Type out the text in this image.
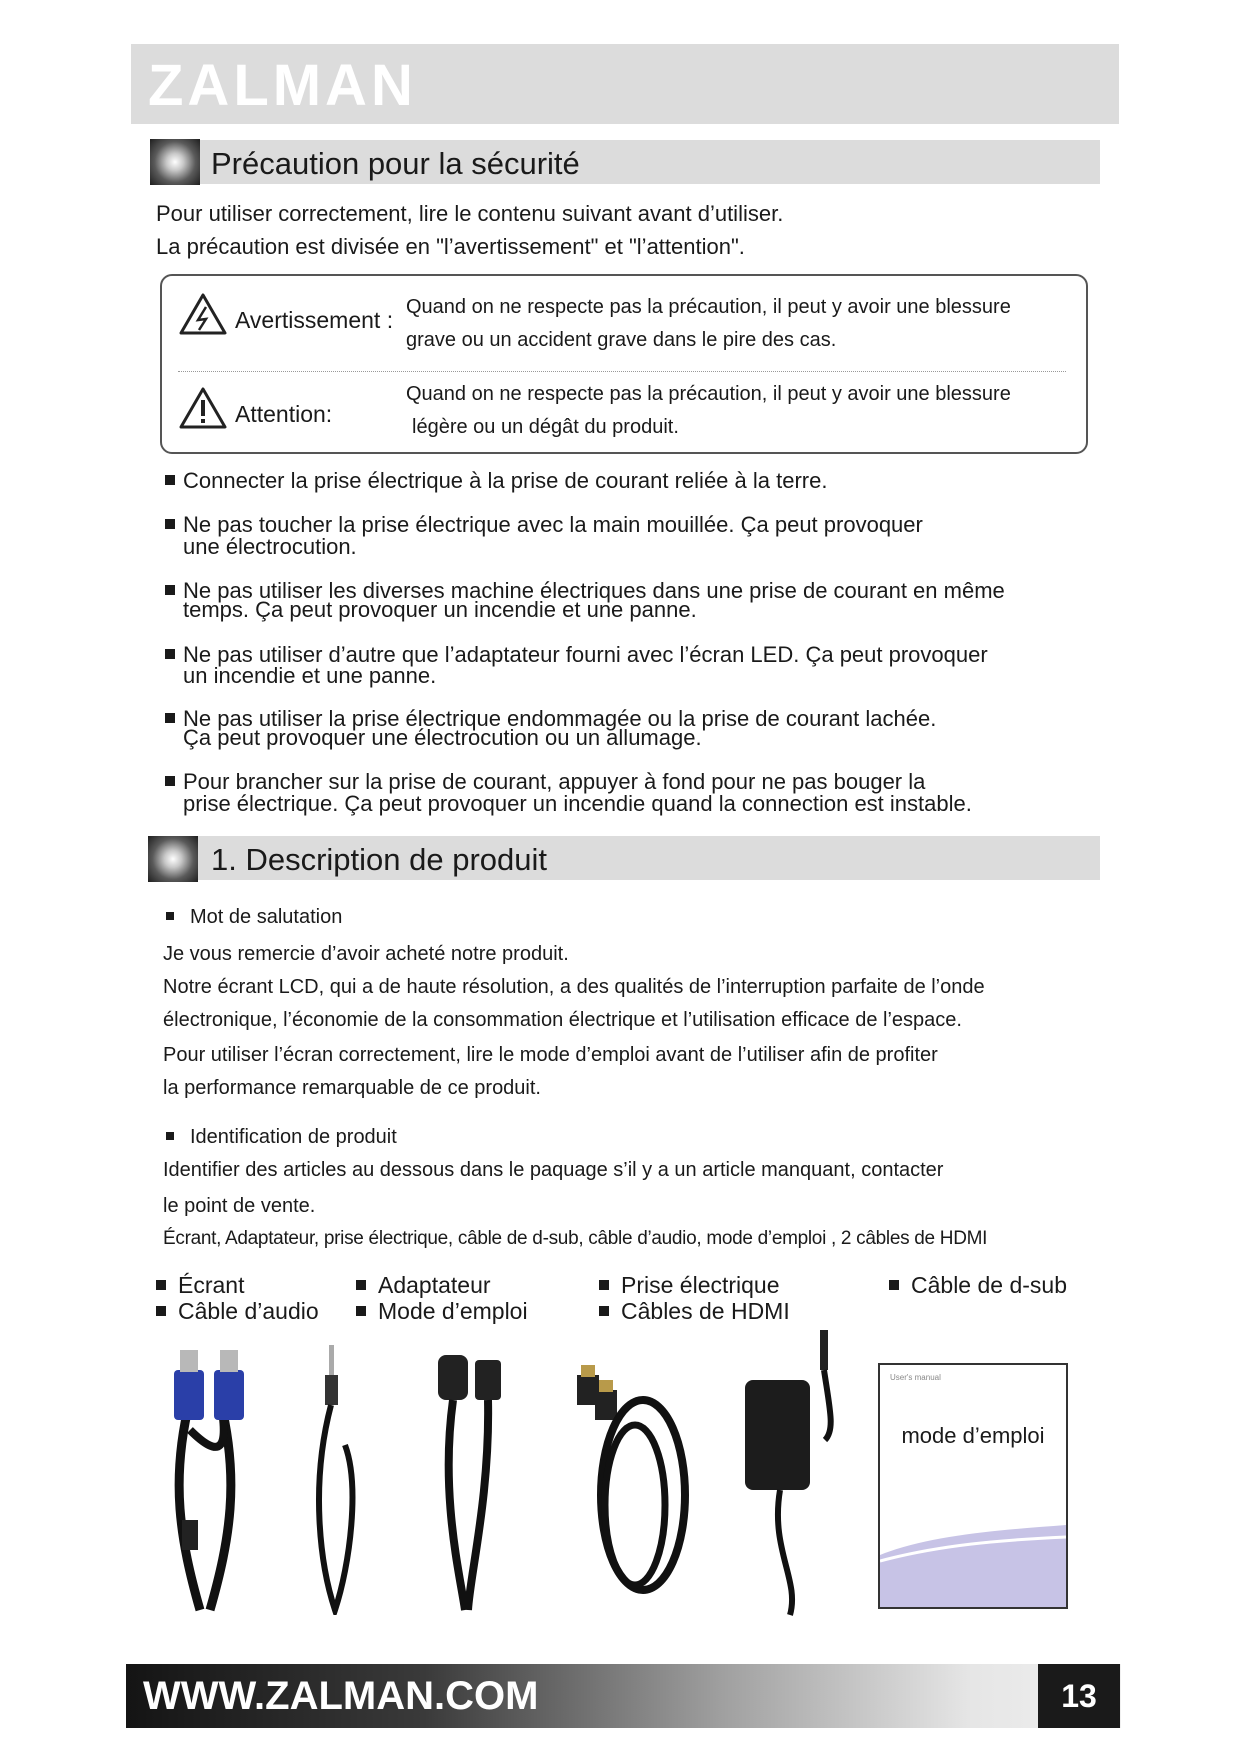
ZALMAN
Précaution pour la sécurité
Pour utiliser correctement, lire le contenu suivant avant d’utiliser.
La précaution est divisée en "l’avertissement" et "l’attention".
Avertissement : Quand on ne respecte pas la précaution, il peut y avoir une blessure
grave ou un accident grave dans le pire des cas.
Attention:
Quand on ne respecte pas la précaution, il peut y avoir une blessure
légère ou un dégât du produit.
Connecter la prise électrique à la prise de courant reliée à la terre.
Ne pas toucher la prise électrique avec la main mouillée. Ça peut provoquer
une électrocution.
Ne pas utiliser les diverses machine électriques dans une prise de courant en même
temps. Ça peut provoquer un incendie et une panne.
Ne pas utiliser d’autre que l’adaptateur fourni avec l’écran LED. Ça peut provoquer
un incendie et une panne.
Ne pas utiliser la prise électrique endommagée ou la prise de courant lachée.
Ça peut provoquer une électrocution ou un allumage.
Pour brancher sur la prise de courant, appuyer à fond pour ne pas bouger la
prise électrique. Ça peut provoquer un incendie quand la connection est instable.
1. Description de produit
Mot de salutation
Je vous remercie d’avoir acheté notre produit.
Notre écrant LCD, qui a de haute résolution, a des qualités de l’interruption parfaite de l’onde
électronique, l’économie de la consommation électrique et l’utilisation efficace de l’espace.
Pour utiliser l’écran correctement, lire le mode d’emploi avant de l’utiliser afin de profiter
la performance remarquable de ce produit.
Identification de produit
Identifier des articles au dessous dans le paquage s’il y a un article manquant, contacter
le point de vente.
Écrant, Adaptateur, prise électrique, câble de d-sub, câble d’audio, mode d’emploi , 2 câbles de HDMI
Écrant	Adaptateur	Prise électrique	Câble de d-sub
Câble d’audio	Mode d’emploi	Câbles de HDMI
User's manual
mode d’emploi
WWW.ZALMAN.COM	13
